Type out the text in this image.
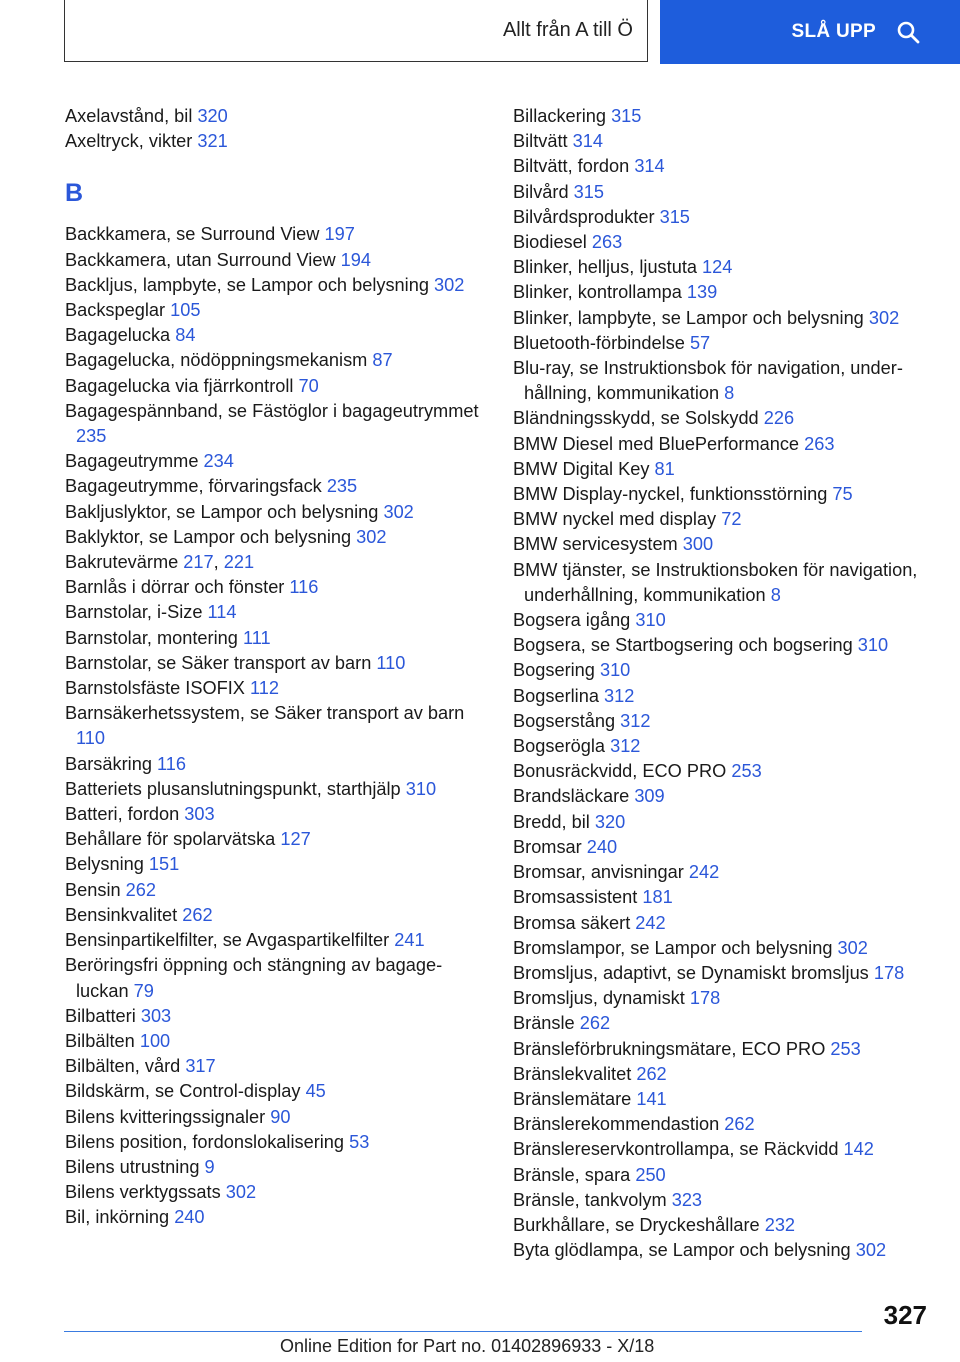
Allt från A till Ö	SLÅ UPP
Axelavstånd, bil 320
Axeltryck, vikter 321
B
Backkamera, se Surround View 197
Backkamera, utan Surround View 194
Backljus, lampbyte, se Lampor och belysning 302
Backspeglar 105
Bagagelucka 84
Bagagelucka, nödöppningsmekanism 87
Bagagelucka via fjärrkontroll 70
Bagagespännband, se Fästöglor i bagageutrymmet 235
Bagageutrymme 234
Bagageutrymme, förvaringsfack 235
Bakljuslyktor, se Lampor och belysning 302
Baklyktor, se Lampor och belysning 302
Bakrutevärme 217, 221
Barnlås i dörrar och fönster 116
Barnstolar, i-Size 114
Barnstolar, montering 111
Barnstolar, se Säker transport av barn 110
Barnstolsfäste ISOFIX 112
Barnsäkerhetssystem, se Säker transport av barn 110
Barsäkring 116
Batteriets plusanslutningspunkt, starthjälp 310
Batteri, fordon 303
Behållare för spolarvätska 127
Belysning 151
Bensin 262
Bensinkvalitet 262
Bensinpartikelfilter, se Avgaspartikelfilter 241
Beröringsfri öppning och stängning av bagageluckan 79
Bilbatteri 303
Bilbälten 100
Bilbälten, vård 317
Bildskärm, se Control-display 45
Bilens kvitteringssignaler 90
Bilens position, fordonslokalisering 53
Bilens utrustning 9
Bilens verktygssats 302
Bil, inkörning 240
Billackering 315
Biltvätt 314
Biltvätt, fordon 314
Bilvård 315
Bilvårdsprodukter 315
Biodiesel 263
Blinker, helljus, ljustuta 124
Blinker, kontrollampa 139
Blinker, lampbyte, se Lampor och belysning 302
Bluetooth-förbindelse 57
Blu-ray, se Instruktionsbok för navigation, underhållning, kommunikation 8
Bländningsskydd, se Solskydd 226
BMW Diesel med BluePerformance 263
BMW Digital Key 81
BMW Display-nyckel, funktionsstörning 75
BMW nyckel med display 72
BMW servicesystem 300
BMW tjänster, se Instruktionsboken för navigation, underhållning, kommunikation 8
Bogsera igång 310
Bogsera, se Startbogsering och bogsering 310
Bogsering 310
Bogserlina 312
Bogserstång 312
Bogserögla 312
Bonusräckvidd, ECO PRO 253
Brandsläckare 309
Bredd, bil 320
Bromsar 240
Bromsar, anvisningar 242
Bromsassistent 181
Bromsa säkert 242
Bromslampor, se Lampor och belysning 302
Bromsljus, adaptivt, se Dynamiskt bromsljus 178
Bromsljus, dynamiskt 178
Bränsle 262
Bränsleförbrukningsmätare, ECO PRO 253
Bränslekvalitet 262
Bränslemätare 141
Bränslerekommendastion 262
Bränslereservkontrollampa, se Räckvidd 142
Bränsle, spara 250
Bränsle, tankvolym 323
Burkhållare, se Dryckeshållare 232
Byta glödlampa, se Lampor och belysning 302
327
Online Edition for Part no. 01402896933 - X/18
